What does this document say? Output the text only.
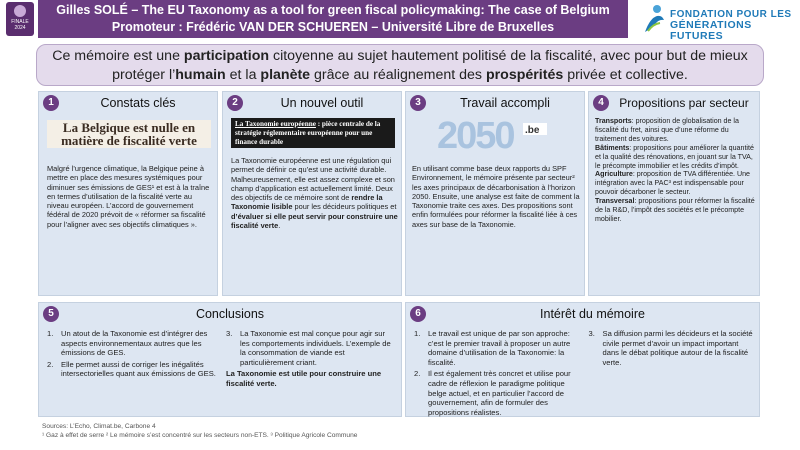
FINALE 2024
Gilles SOLÉ – The EU Taxonomy as a tool for green fiscal policymaking: The case of Belgium
Promoteur : Frédéric VAN DER SCHUEREN – Université Libre de Bruxelles
FONDATION POUR LES
GÉNÉRATIONS FUTURES
Ce mémoire est une participation citoyenne au sujet hautement politisé de la fiscalité, avec pour but de mieux protéger l’humain et la planète grâce au réalignement des prospérités privée et collective.
1	Constats clés
La Belgique est nulle en matière de fiscalité verte
Malgré l’urgence climatique, la Belgique peine à mettre en place des mesures systémiques pour diminuer ses émissions de GES¹ et est à la traîne en termes d’utilisation de la fiscalité verte au niveau européen. L’accord de gouvernement fédéral de 2020 prévoit de « réformer sa fiscalité pour l’aligner avec ses objectifs climatiques ».
2	Un nouvel outil
La Taxonomie européenne : pièce centrale de la stratégie réglementaire européenne pour une finance durable
La Taxonomie européenne est une régulation qui permet de définir ce qu’est une activité durable. Malheureusement, elle est assez complexe et son champ d’application est actuellement limité. Deux des objectifs de ce mémoire sont de rendre la Taxonomie lisible pour les décideurs politiques et d’évaluer si elle peut servir pour construire une fiscalité verte.
3	Travail accompli
2050 .be
En utilisant comme base deux rapports du SPF Environnement, le mémoire présente par secteur² les axes principaux de décarbonisation à l’horizon 2050. Ensuite, une analyse est faite de comment la Taxonomie traite ces axes. Des propositions sont enfin formulées pour réformer la fiscalité liée à ces axes sur base de la Taxonomie.
4	Propositions par secteur
Transports: proposition de globalisation de la fiscalité du fret, ainsi que d’une réforme du traitement des voitures.
Bâtiments: propositions pour améliorer la quantité et la qualité des rénovations, en jouant sur la TVA, le précompte immobilier et les crédits d’impôt.
Agriculture: proposition de TVA différentiée. Une intégration avec la PAC³ est indispensable pour pouvoir décarboner le secteur.
Transversal: propositions pour réformer la fiscalité de la R&D, l’impôt des sociétés et le précompte mobilier.
5	Conclusions
1.	Un atout de la Taxonomie est d’intégrer des aspects environnementaux autres que les émissions de GES.
2.	Elle permet aussi de corriger les inégalités intersectorielles quant aux émissions de GES.
3.	La Taxonomie est mal conçue pour agir sur les comportements individuels. L’exemple de la consommation de viande est particulièrement criant.
La Taxonomie est utile pour construire une fiscalité verte.
6	Intérêt du mémoire
1.	Le travail est unique de par son approche: c’est le premier travail à proposer un autre domaine d’utilisation de la Taxonomie: la fiscalité.
2.	Il est également très concret et utilise pour cadre de réflexion le paradigme politique belge actuel, et en particulier l’accord de gouvernement, afin de formuler des propositions réalistes.
3.	Sa diffusion parmi les décideurs et la société civile permet d’avoir un impact important dans le débat politique autour de la fiscalité verte.
Sources: L’Echo, Climat.be, Carbone 4
¹ Gaz à effet de serre ² Le mémoire s’est concentré sur les secteurs non-ETS. ³ Politique Agricole Commune
